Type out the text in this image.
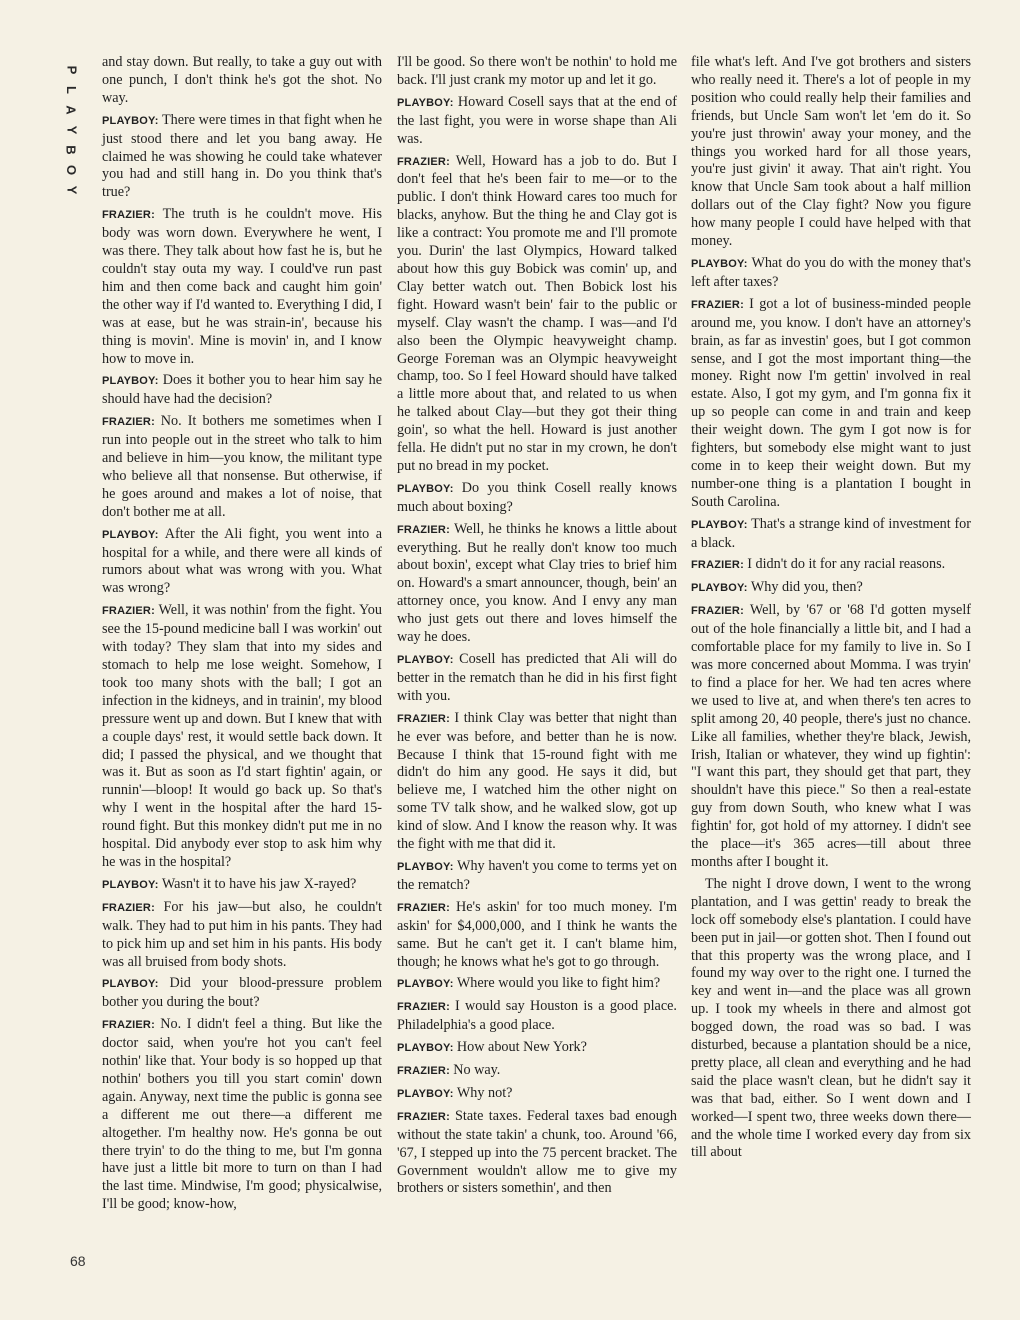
P
L
A
Y
B
O
Y

and stay down. But really, to take a guy out with one punch, I don't think he's got the shot. No way.

PLAYBOY: There were times in that fight when he just stood there and let you bang away. He claimed he was showing he could take whatever you had and still hang in. Do you think that's true?

FRAZIER: The truth is he couldn't move. His body was worn down. Everywhere he went, I was there. They talk about how fast he is, but he couldn't stay outa my way. I could've run past him and then come back and caught him goin' the other way if I'd wanted to. Everything I did, I was at ease, but he was strain-in', because his thing is movin'. Mine is movin' in, and I know how to move in.

PLAYBOY: Does it bother you to hear him say he should have had the decision?

FRAZIER: No. It bothers me sometimes when I run into people out in the street who talk to him and believe in him—you know, the militant type who believe all that nonsense. But otherwise, if he goes around and makes a lot of noise, that don't bother me at all.

PLAYBOY: After the Ali fight, you went into a hospital for a while, and there were all kinds of rumors about what was wrong with you. What was wrong?

FRAZIER: Well, it was nothin' from the fight. You see the 15-pound medicine ball I was workin' out with today? They slam that into my sides and stomach to help me lose weight. Somehow, I took too many shots with the ball; I got an infection in the kidneys, and in trainin', my blood pressure went up and down. But I knew that with a couple days' rest, it would settle back down. It did; I passed the physical, and we thought that was it. But as soon as I'd start fightin' again, or runnin'—bloop! It would go back up. So that's why I went in the hospital after the hard 15-round fight. But this monkey didn't put me in no hospital. Did anybody ever stop to ask him why he was in the hospital?

PLAYBOY: Wasn't it to have his jaw X-rayed?

FRAZIER: For his jaw—but also, he couldn't walk. They had to put him in his pants. They had to pick him up and set him in his pants. His body was all bruised from body shots.

PLAYBOY: Did your blood-pressure problem bother you during the bout?

FRAZIER: No. I didn't feel a thing. But like the doctor said, when you're hot you can't feel nothin' like that. Your body is so hopped up that nothin' bothers you till you start comin' down again. Anyway, next time the public is gonna see a different me out there—a different me altogether. I'm healthy now. He's gonna be out there tryin' to do the thing to me, but I'm gonna have just a little bit more to turn on than I had the last time. Mindwise, I'm good; physicalwise, I'll be good; know-how,

I'll be good. So there won't be nothin' to hold me back. I'll just crank my motor up and let it go.

PLAYBOY: Howard Cosell says that at the end of the last fight, you were in worse shape than Ali was.

FRAZIER: Well, Howard has a job to do. But I don't feel that he's been fair to me—or to the public. I don't think Howard cares too much for blacks, anyhow. But the thing he and Clay got is like a contract: You promote me and I'll promote you. Durin' the last Olympics, Howard talked about how this guy Bobick was comin' up, and Clay better watch out. Then Bobick lost his fight. Howard wasn't bein' fair to the public or myself. Clay wasn't the champ. I was—and I'd also been the Olympic heavyweight champ. George Foreman was an Olympic heavyweight champ, too. So I feel Howard should have talked a little more about that, and related to us when he talked about Clay—but they got their thing goin', so what the hell. Howard is just another fella. He didn't put no star in my crown, he don't put no bread in my pocket.

PLAYBOY: Do you think Cosell really knows much about boxing?

FRAZIER: Well, he thinks he knows a little about everything. But he really don't know too much about boxin', except what Clay tries to brief him on. Howard's a smart announcer, though, bein' an attorney once, you know. And I envy any man who just gets out there and loves himself the way he does.

PLAYBOY: Cosell has predicted that Ali will do better in the rematch than he did in his first fight with you.

FRAZIER: I think Clay was better that night than he ever was before, and better than he is now. Because I think that 15-round fight with me didn't do him any good. He says it did, but believe me, I watched him the other night on some TV talk show, and he walked slow, got up kind of slow. And I know the reason why. It was the fight with me that did it.

PLAYBOY: Why haven't you come to terms yet on the rematch?

FRAZIER: He's askin' for too much money. I'm askin' for $4,000,000, and I think he wants the same. But he can't get it. I can't blame him, though; he knows what he's got to go through.

PLAYBOY: Where would you like to fight him?

FRAZIER: I would say Houston is a good place. Philadelphia's a good place.

PLAYBOY: How about New York?

FRAZIER: No way.

PLAYBOY: Why not?

FRAZIER: State taxes. Federal taxes bad enough without the state takin' a chunk, too. Around '66, '67, I stepped up into the 75 percent bracket. The Government wouldn't allow me to give my brothers or sisters somethin', and then

file what's left. And I've got brothers and sisters who really need it. There's a lot of people in my position who could really help their families and friends, but Uncle Sam won't let 'em do it. So you're just throwin' away your money, and the things you worked hard for all those years, you're just givin' it away. That ain't right. You know that Uncle Sam took about a half million dollars out of the Clay fight? Now you figure how many people I could have helped with that money.

PLAYBOY: What do you do with the money that's left after taxes?

FRAZIER: I got a lot of business-minded people around me, you know. I don't have an attorney's brain, as far as investin' goes, but I got common sense, and I got the most important thing—the money. Right now I'm gettin' involved in real estate. Also, I got my gym, and I'm gonna fix it up so people can come in and train and keep their weight down. The gym I got now is for fighters, but somebody else might want to just come in to keep their weight down. But my number-one thing is a plantation I bought in South Carolina.

PLAYBOY: That's a strange kind of investment for a black.

FRAZIER: I didn't do it for any racial reasons.

PLAYBOY: Why did you, then?

FRAZIER: Well, by '67 or '68 I'd gotten myself out of the hole financially a little bit, and I had a comfortable place for my family to live in. So I was more concerned about Momma. I was tryin' to find a place for her. We had ten acres where we used to live at, and when there's ten acres to split among 20, 40 people, there's just no chance. Like all families, whether they're black, Jewish, Irish, Italian or whatever, they wind up fightin': "I want this part, they should get that part, they shouldn't have this piece." So then a real-estate guy from down South, who knew what I was fightin' for, got hold of my attorney. I didn't see the place—it's 365 acres—till about three months after I bought it.

The night I drove down, I went to the wrong plantation, and I was gettin' ready to break the lock off somebody else's plantation. I could have been put in jail—or gotten shot. Then I found out that this property was the wrong place, and I found my way over to the right one. I turned the key and went in—and the place was all grown up. I took my wheels in there and almost got bogged down, the road was so bad. I was disturbed, because a plantation should be a nice, pretty place, all clean and everything and he had said the place wasn't clean, but he didn't say it was that bad, either. So I went down and I worked—I spent two, three weeks down there—and the whole time I worked every day from six till about

68
